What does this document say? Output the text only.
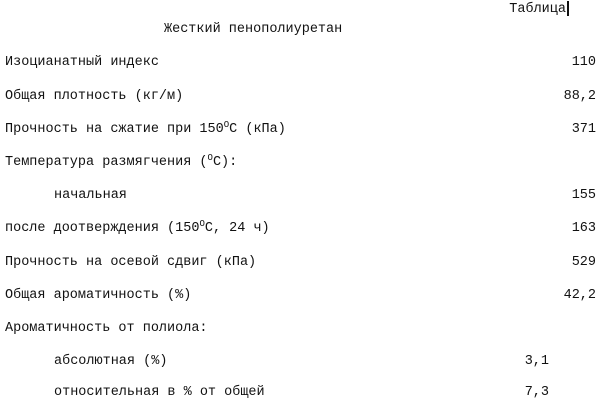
Таблица
Жесткий пенополиуретан
Изоцианатный индекс	110
Общая плотность (кг/м)	88,2
Прочность на сжатие при $150^OC$ (кПа)	371
Температура размягчения ($^O$C):
начальная	155
после доотверждения ($150^OC$, 24 ч)	163
Прочность на осевой сдвиг (кПа)	529
Общая ароматичность (%)	42,2
Ароматичность от полиола:
абсолютная (%)	3,1
относительная в % от общей	7,3
